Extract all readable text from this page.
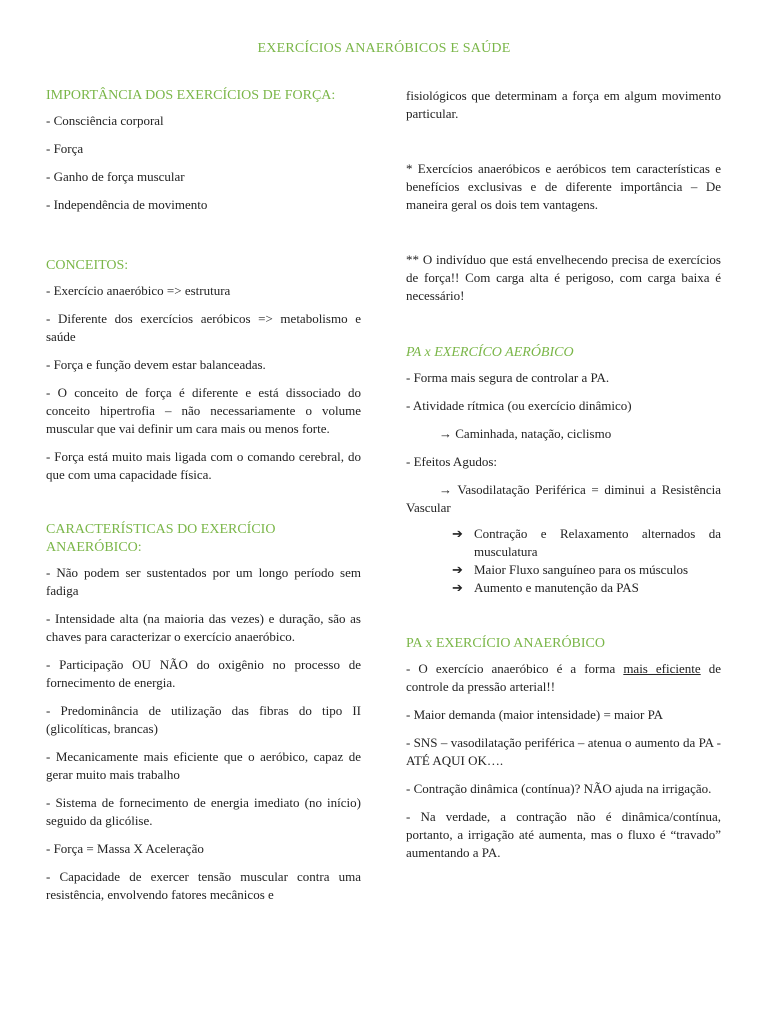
EXERCÍCIOS ANAERÓBICOS E SAÚDE
IMPORTÂNCIA DOS EXERCÍCIOS DE FORÇA:

- Consciência corporal

- Força

- Ganho de força muscular

- Independência de movimento

CONCEITOS:

- Exercício anaeróbico => estrutura

- Diferente dos exercícios aeróbicos => metabolismo e saúde

- Força e função devem estar balanceadas.

- O conceito de força é diferente e está dissociado do conceito hipertrofia – não necessariamente o volume muscular que vai definir um cara mais ou menos forte.

- Força está muito mais ligada com o comando cerebral, do que com uma capacidade física.

CARACTERÍSTICAS DO EXERCÍCIO ANAERÓBICO:

- Não podem ser sustentados por um longo período sem fadiga

- Intensidade alta (na maioria das vezes) e duração, são as chaves para caracterizar o exercício anaeróbico.

- Participação OU NÃO do oxigênio no processo de fornecimento de energia.

- Predominância de utilização das fibras do tipo II (glicolíticas, brancas)

- Mecanicamente mais eficiente que o aeróbico, capaz de gerar muito mais trabalho

- Sistema de fornecimento de energia imediato (no início) seguido da glicólise.

- Força = Massa X Aceleração

- Capacidade de exercer tensão muscular contra uma resistência, envolvendo fatores mecânicos e

fisiológicos que determinam a força em algum movimento particular.

* Exercícios anaeróbicos e aeróbicos tem características e benefícios exclusivas e de diferente importância – De maneira geral os dois tem vantagens.

** O indivíduo que está envelhecendo precisa de exercícios de força!! Com carga alta é perigoso, com carga baixa é necessário!

PA x EXERCÍCO AERÓBICO

- Forma mais segura de controlar a PA.

- Atividade rítmica (ou exercício dinâmico)

→ Caminhada, natação, ciclismo

- Efeitos Agudos:

→ Vasodilatação Periférica = diminui a Resistência Vascular

➔ Contração e Relaxamento alternados da musculatura
➔ Maior Fluxo sanguíneo para os músculos
➔ Aumento e manutenção da PAS
PA x EXERCÍCIO ANAERÓBICO

- O exercício anaeróbico é a forma mais eficiente de controle da pressão arterial!!

- Maior demanda (maior intensidade) = maior PA

- SNS – vasodilatação periférica – atenua o aumento da PA - ATÉ AQUI OK….

- Contração dinâmica (contínua)? NÃO ajuda na irrigação.

- Na verdade, a contração não é dinâmica/contínua, portanto, a irrigação até aumenta, mas o fluxo é “travado” aumentando a PA.
